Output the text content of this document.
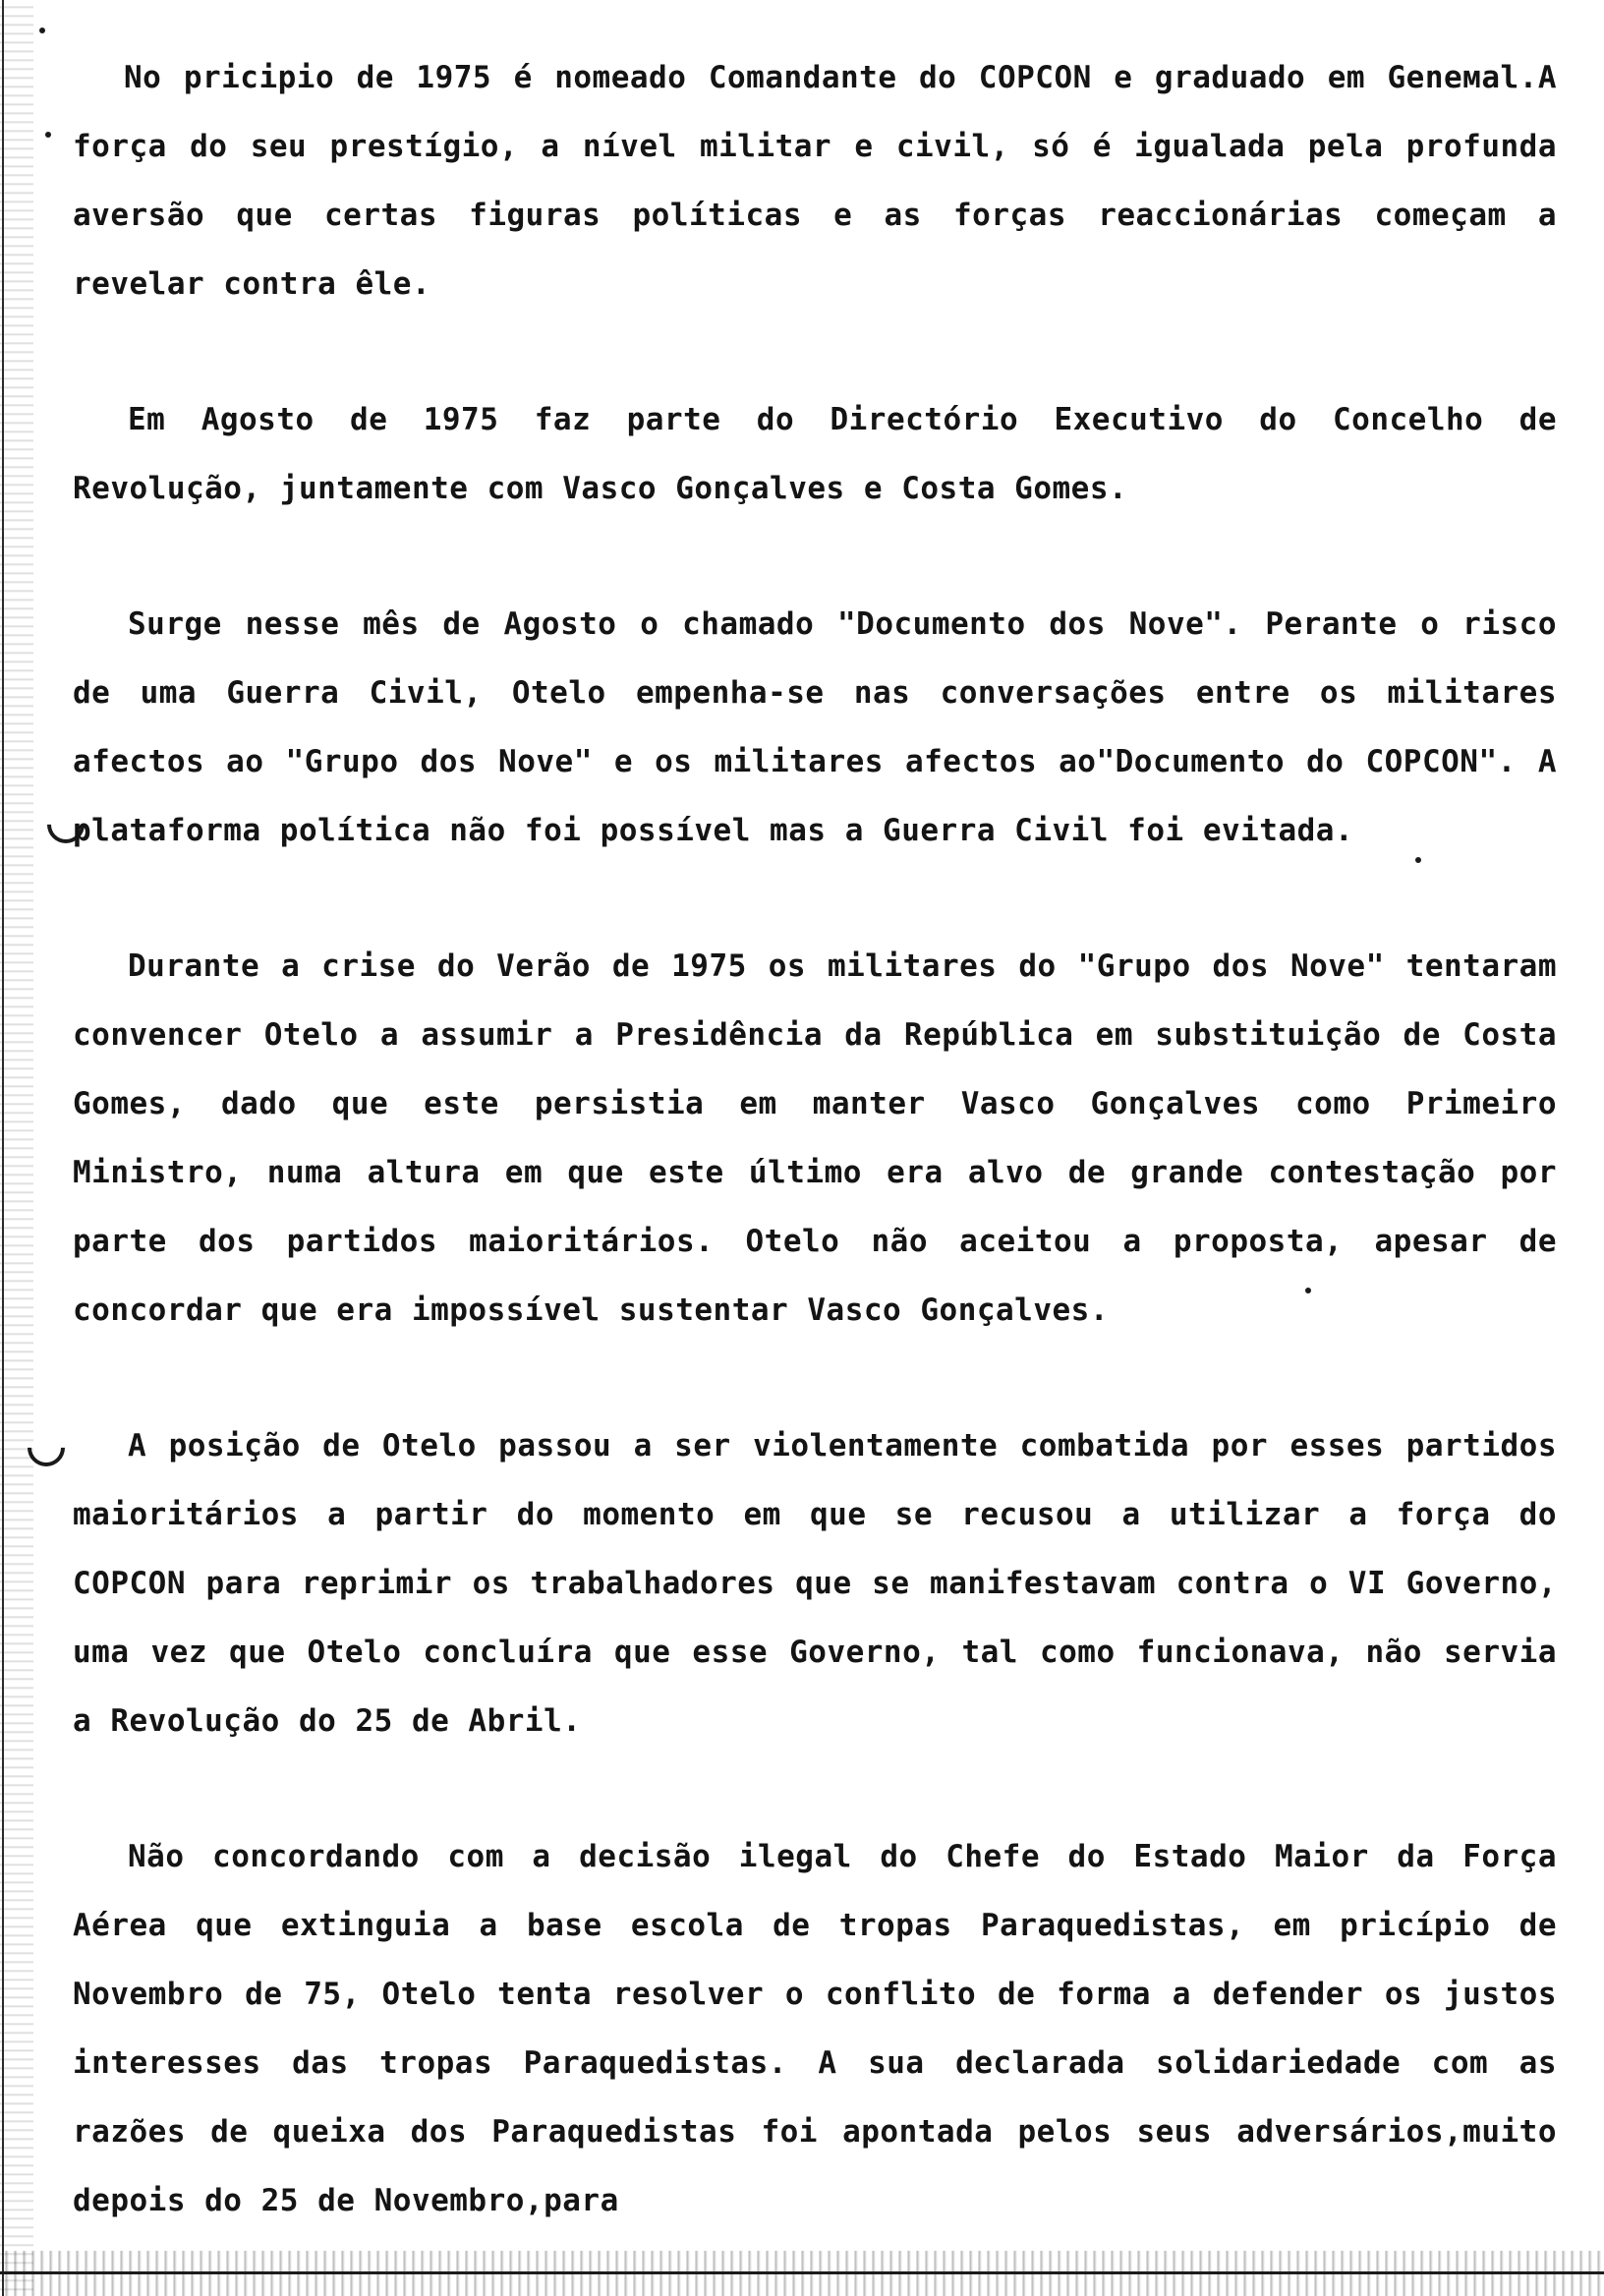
No pricipio de 1975 é nomeado Comandante do COPCON e graduado em Geneмal.A força do seu prestígio, a nível militar e civil, só é igualada pela profunda aversão que certas figuras políticas e as forças reaccionárias começam a revelar contra êle.

Em Agosto de 1975 faz parte do Directório Executivo do Concelho de Revolução, juntamente com Vasco Gonçalves e Costa Gomes.

Surge nesse mês de Agosto o chamado "Documento dos Nove". Perante o risco de uma Guerra Civil, Otelo empenha-se nas conversações entre os militares afectos ao "Grupo dos Nove" e os militares afectos ao"Documento do COPCON". A plataforma política não foi possível mas a Guerra Civil foi evitada.

Durante a crise do Verão de 1975 os militares do "Grupo dos Nove" tentaram convencer Otelo a assumir a Presidência da República em substituição de Costa Gomes, dado que este persistia em manter Vasco Gonçalves como Primeiro Ministro, numa altura em que este último era alvo de grande contestação por parte dos partidos maioritários. Otelo não aceitou a proposta, apesar de concordar que era impossível sustentar Vasco Gonçalves.

A posição de Otelo passou a ser violentamente combatida por esses partidos maioritários a partir do momento em que se recusou a utilizar a força do COPCON para reprimir os trabalhadores que se manifestavam contra o VI Governo, uma vez que Otelo concluíra que esse Governo, tal como funcionava, não servia a Revolução do 25 de Abril.

Não concordando com a decisão ilegal do Chefe do Estado Maior da Força Aérea que extinguia a base escola de tropas Paraquedistas, em pricípio de Novembro de 75, Otelo tenta resolver o conflito de forma a defender os justos interesses das tropas Paraquedistas. A sua declarada solidariedade com as razões de queixa dos Paraquedistas foi apontada pelos seus adversários,muito depois do 25 de Novembro,para
